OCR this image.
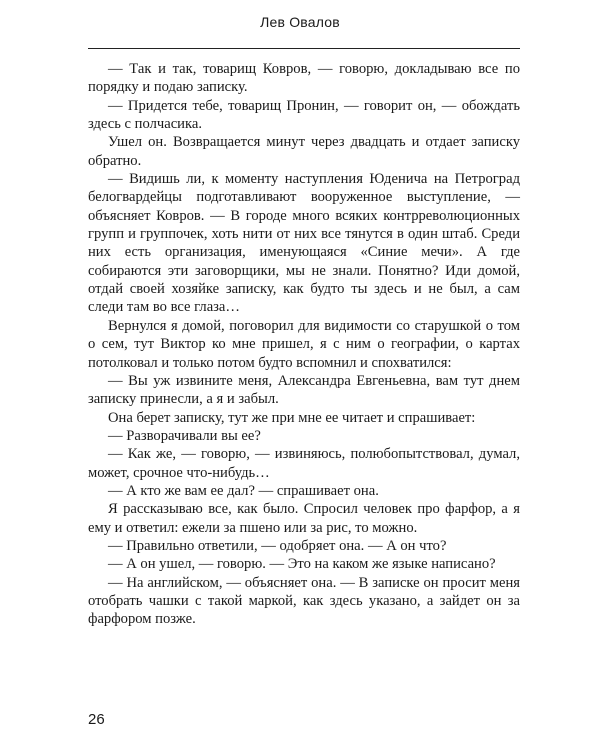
Лев Овалов

— Так и так, товарищ Ковров, — говорю, докладываю все по порядку и подаю записку.

— Придется тебе, товарищ Пронин, — говорит он, — обождать здесь с полчасика.

Ушел он. Возвращается минут через двадцать и отдает записку обратно.

— Видишь ли, к моменту наступления Юденича на Петроград белогвардейцы подготавливают вооруженное выступление, — объясняет Ковров. — В городе много всяких контрреволюционных групп и группочек, хоть нити от них все тянутся в один штаб. Среди них есть организация, именующаяся «Синие мечи». А где собираются эти заговорщики, мы не знали. Понятно? Иди домой, отдай своей хозяйке записку, как будто ты здесь и не был, а сам следи там во все глаза…

Вернулся я домой, поговорил для видимости со старушкой о том о сем, тут Виктор ко мне пришел, я с ним о географии, о картах потолковал и только потом будто вспомнил и спохватился:

— Вы уж извините меня, Александра Евгеньевна, вам тут днем записку принесли, а я и забыл.

Она берет записку, тут же при мне ее читает и спрашивает:

— Разворачивали вы ее?

— Как же, — говорю, — извиняюсь, полюбопытствовал, думал, может, срочное что-нибудь…

— А кто же вам ее дал? — спрашивает она.

Я рассказываю все, как было. Спросил человек про фарфор, а я ему и ответил: ежели за пшено или за рис, то можно.

— Правильно ответили, — одобряет она. — А он что?

— А он ушел, — говорю. — Это на каком же языке написано?

— На английском, — объясняет она. — В записке он просит меня отобрать чашки с такой маркой, как здесь указано, а зайдет он за фарфором позже.

26
